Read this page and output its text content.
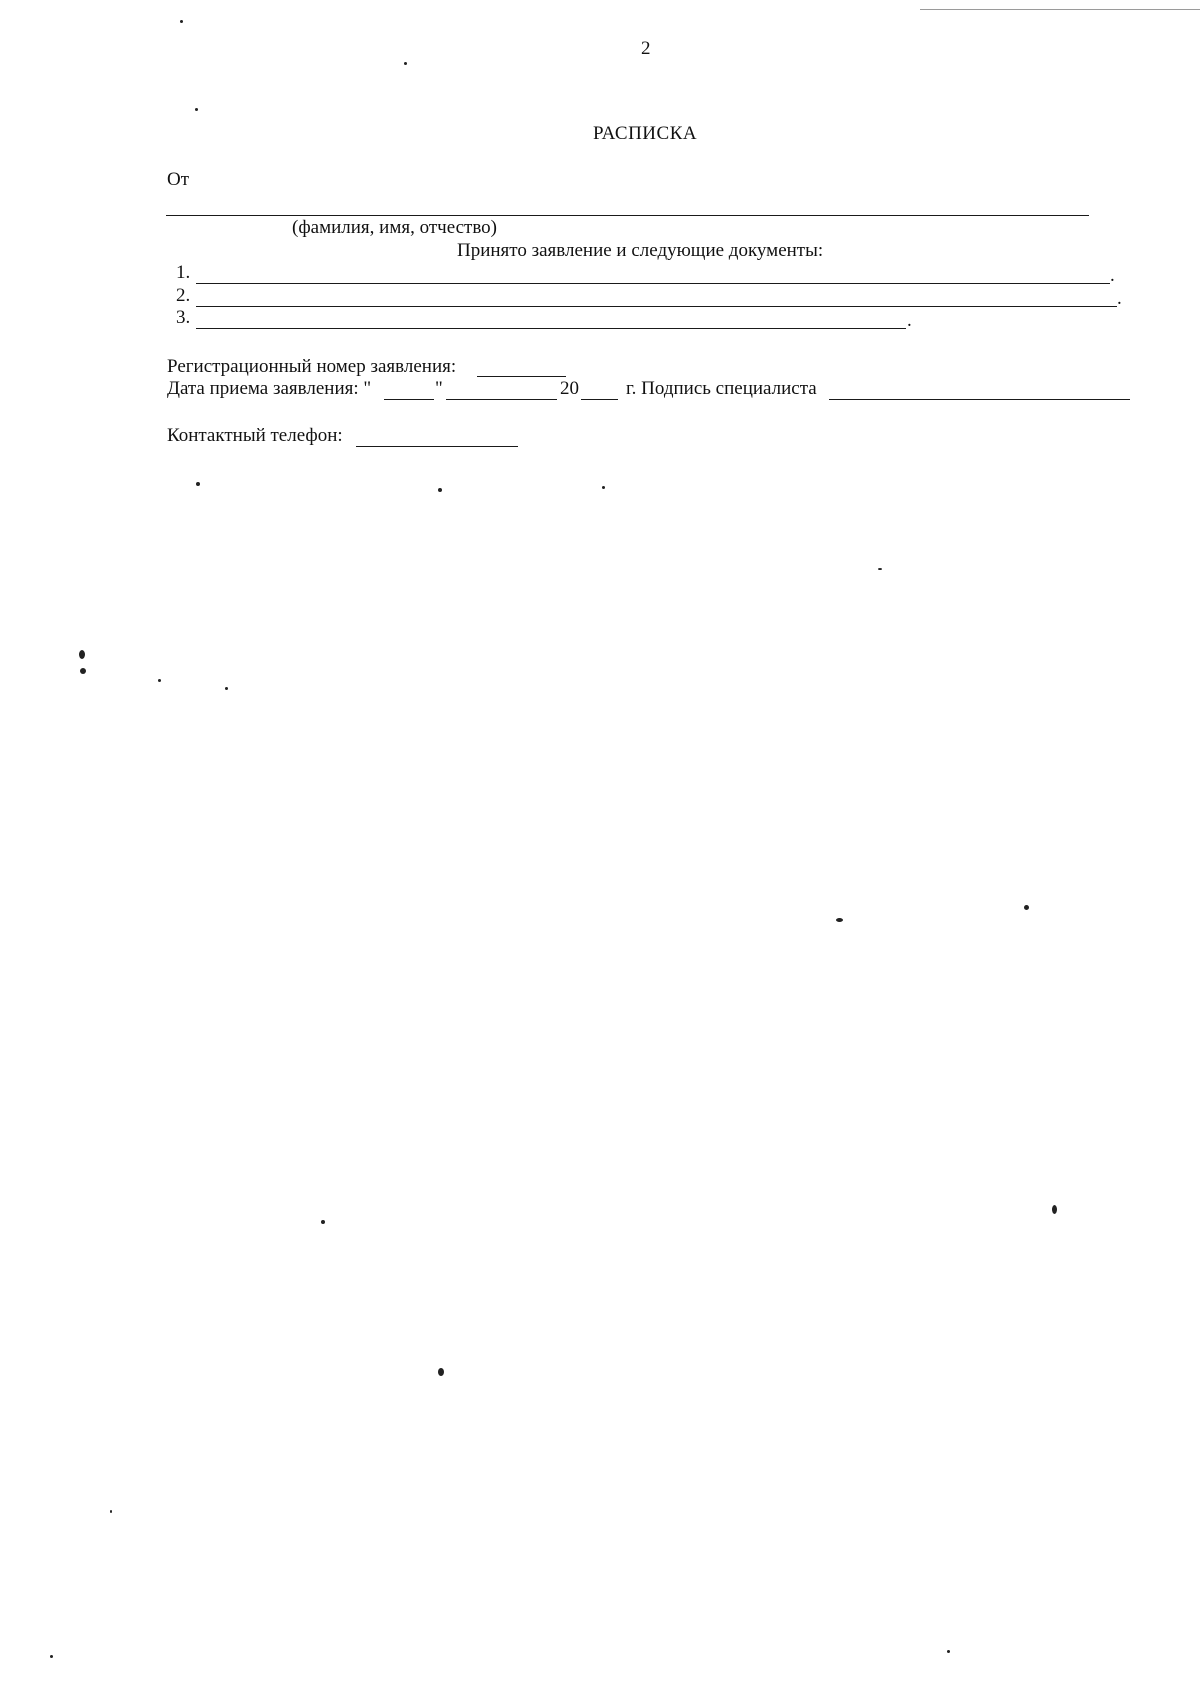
2
РАСПИСКА
От
(фамилия, имя, отчество)
Принято заявление и следующие документы:
1.	.
2.	.
3.	.
Регистрационный номер заявления:
Дата приема заявления: "	"	20 г. Подпись специалиста
Контактный телефон:
